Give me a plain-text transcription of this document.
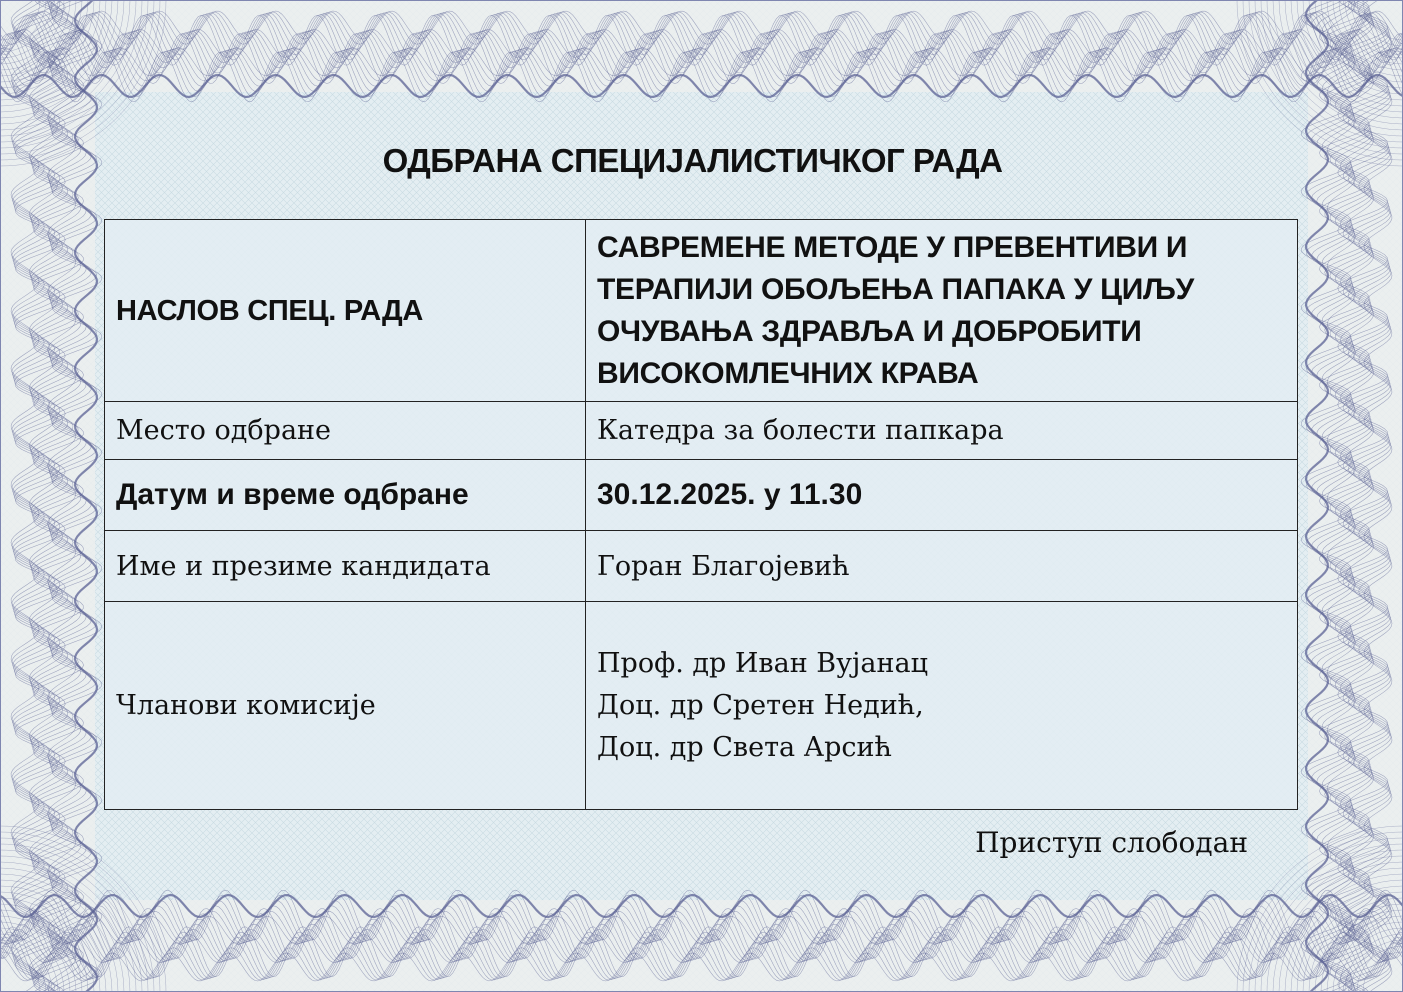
ОДБРАНА СПЕЦИЈАЛИСТИЧКОГ РАДА
НАСЛОВ СПЕЦ. РАДА	САВРЕМЕНЕ МЕТОДЕ У ПРЕВЕНТИВИ И ТЕРАПИЈИ ОБОЉЕЊА ПАПАКА У ЦИЉУ ОЧУВАЊА ЗДРАВЉА И ДОБРОБИТИ ВИСОКОМЛЕЧНИХ КРАВА
Место одбране	Катедра за болести папкара
Датум и време одбране	30.12.2025. у 11.30
Име и презиме кандидата	Горан Благојевић
Чланови комисије	Проф. др Иван Вујанац
Доц. др Сретен Недић,
Доц. др Света Арсић
Приступ слободан
